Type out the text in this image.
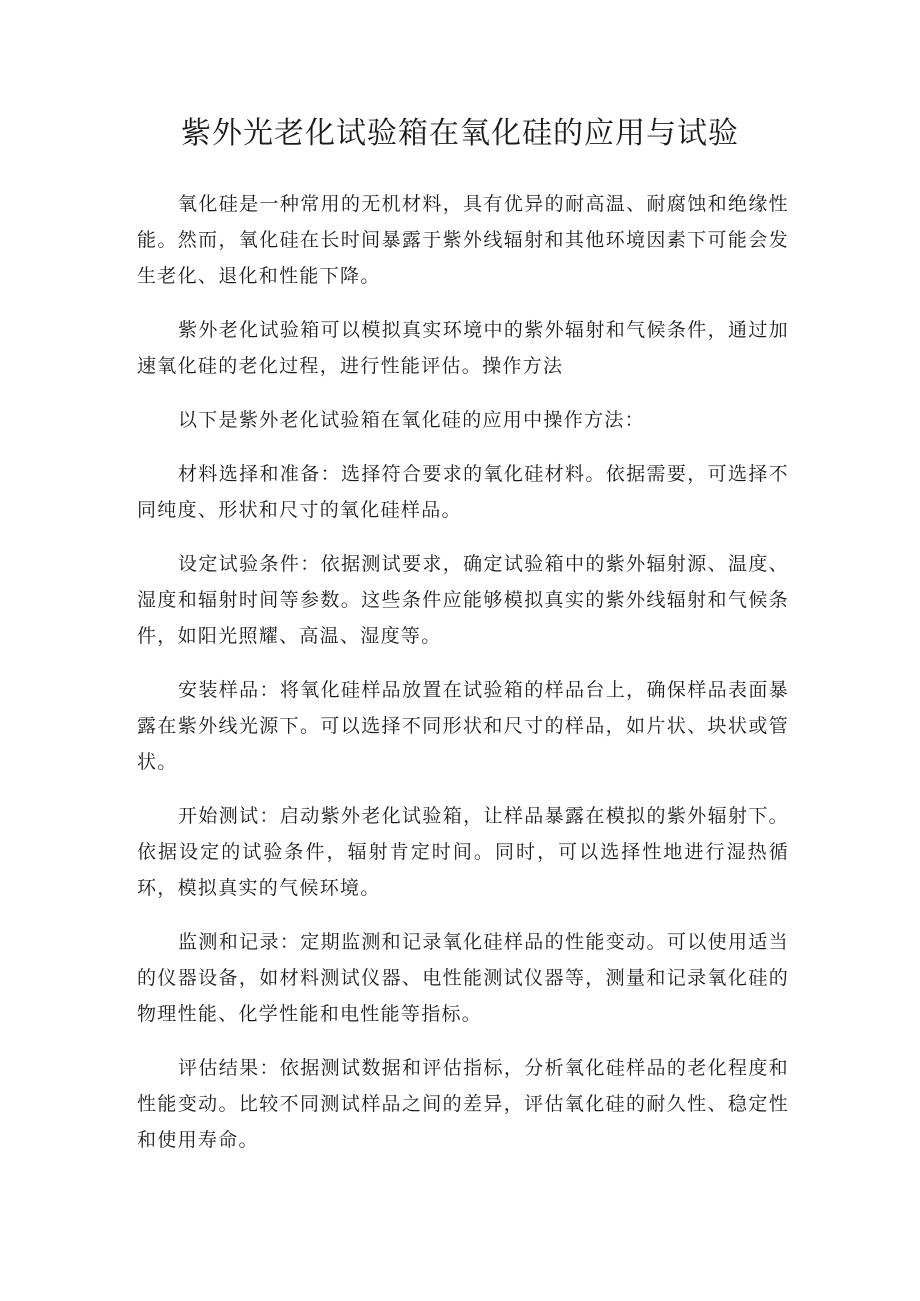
紫外光老化试验箱在氧化硅的应用与试验

氧化硅是一种常用的无机材料，具有优异的耐高温、耐腐蚀和绝缘性能。然而，氧化硅在长时间暴露于紫外线辐射和其他环境因素下可能会发生老化、退化和性能下降。

紫外老化试验箱可以模拟真实环境中的紫外辐射和气候条件，通过加速氧化硅的老化过程，进行性能评估。操作方法

以下是紫外老化试验箱在氧化硅的应用中操作方法：

材料选择和准备：选择符合要求的氧化硅材料。依据需要，可选择不同纯度、形状和尺寸的氧化硅样品。

设定试验条件：依据测试要求，确定试验箱中的紫外辐射源、温度、湿度和辐射时间等参数。这些条件应能够模拟真实的紫外线辐射和气候条件，如阳光照耀、高温、湿度等。

安装样品：将氧化硅样品放置在试验箱的样品台上，确保样品表面暴露在紫外线光源下。可以选择不同形状和尺寸的样品，如片状、块状或管状。

开始测试：启动紫外老化试验箱，让样品暴露在模拟的紫外辐射下。依据设定的试验条件，辐射肯定时间。同时，可以选择性地进行湿热循环，模拟真实的气候环境。

监测和记录：定期监测和记录氧化硅样品的性能变动。可以使用适当的仪器设备，如材料测试仪器、电性能测试仪器等，测量和记录氧化硅的物理性能、化学性能和电性能等指标。

评估结果：依据测试数据和评估指标，分析氧化硅样品的老化程度和性能变动。比较不同测试样品之间的差异，评估氧化硅的耐久性、稳定性和使用寿命。
